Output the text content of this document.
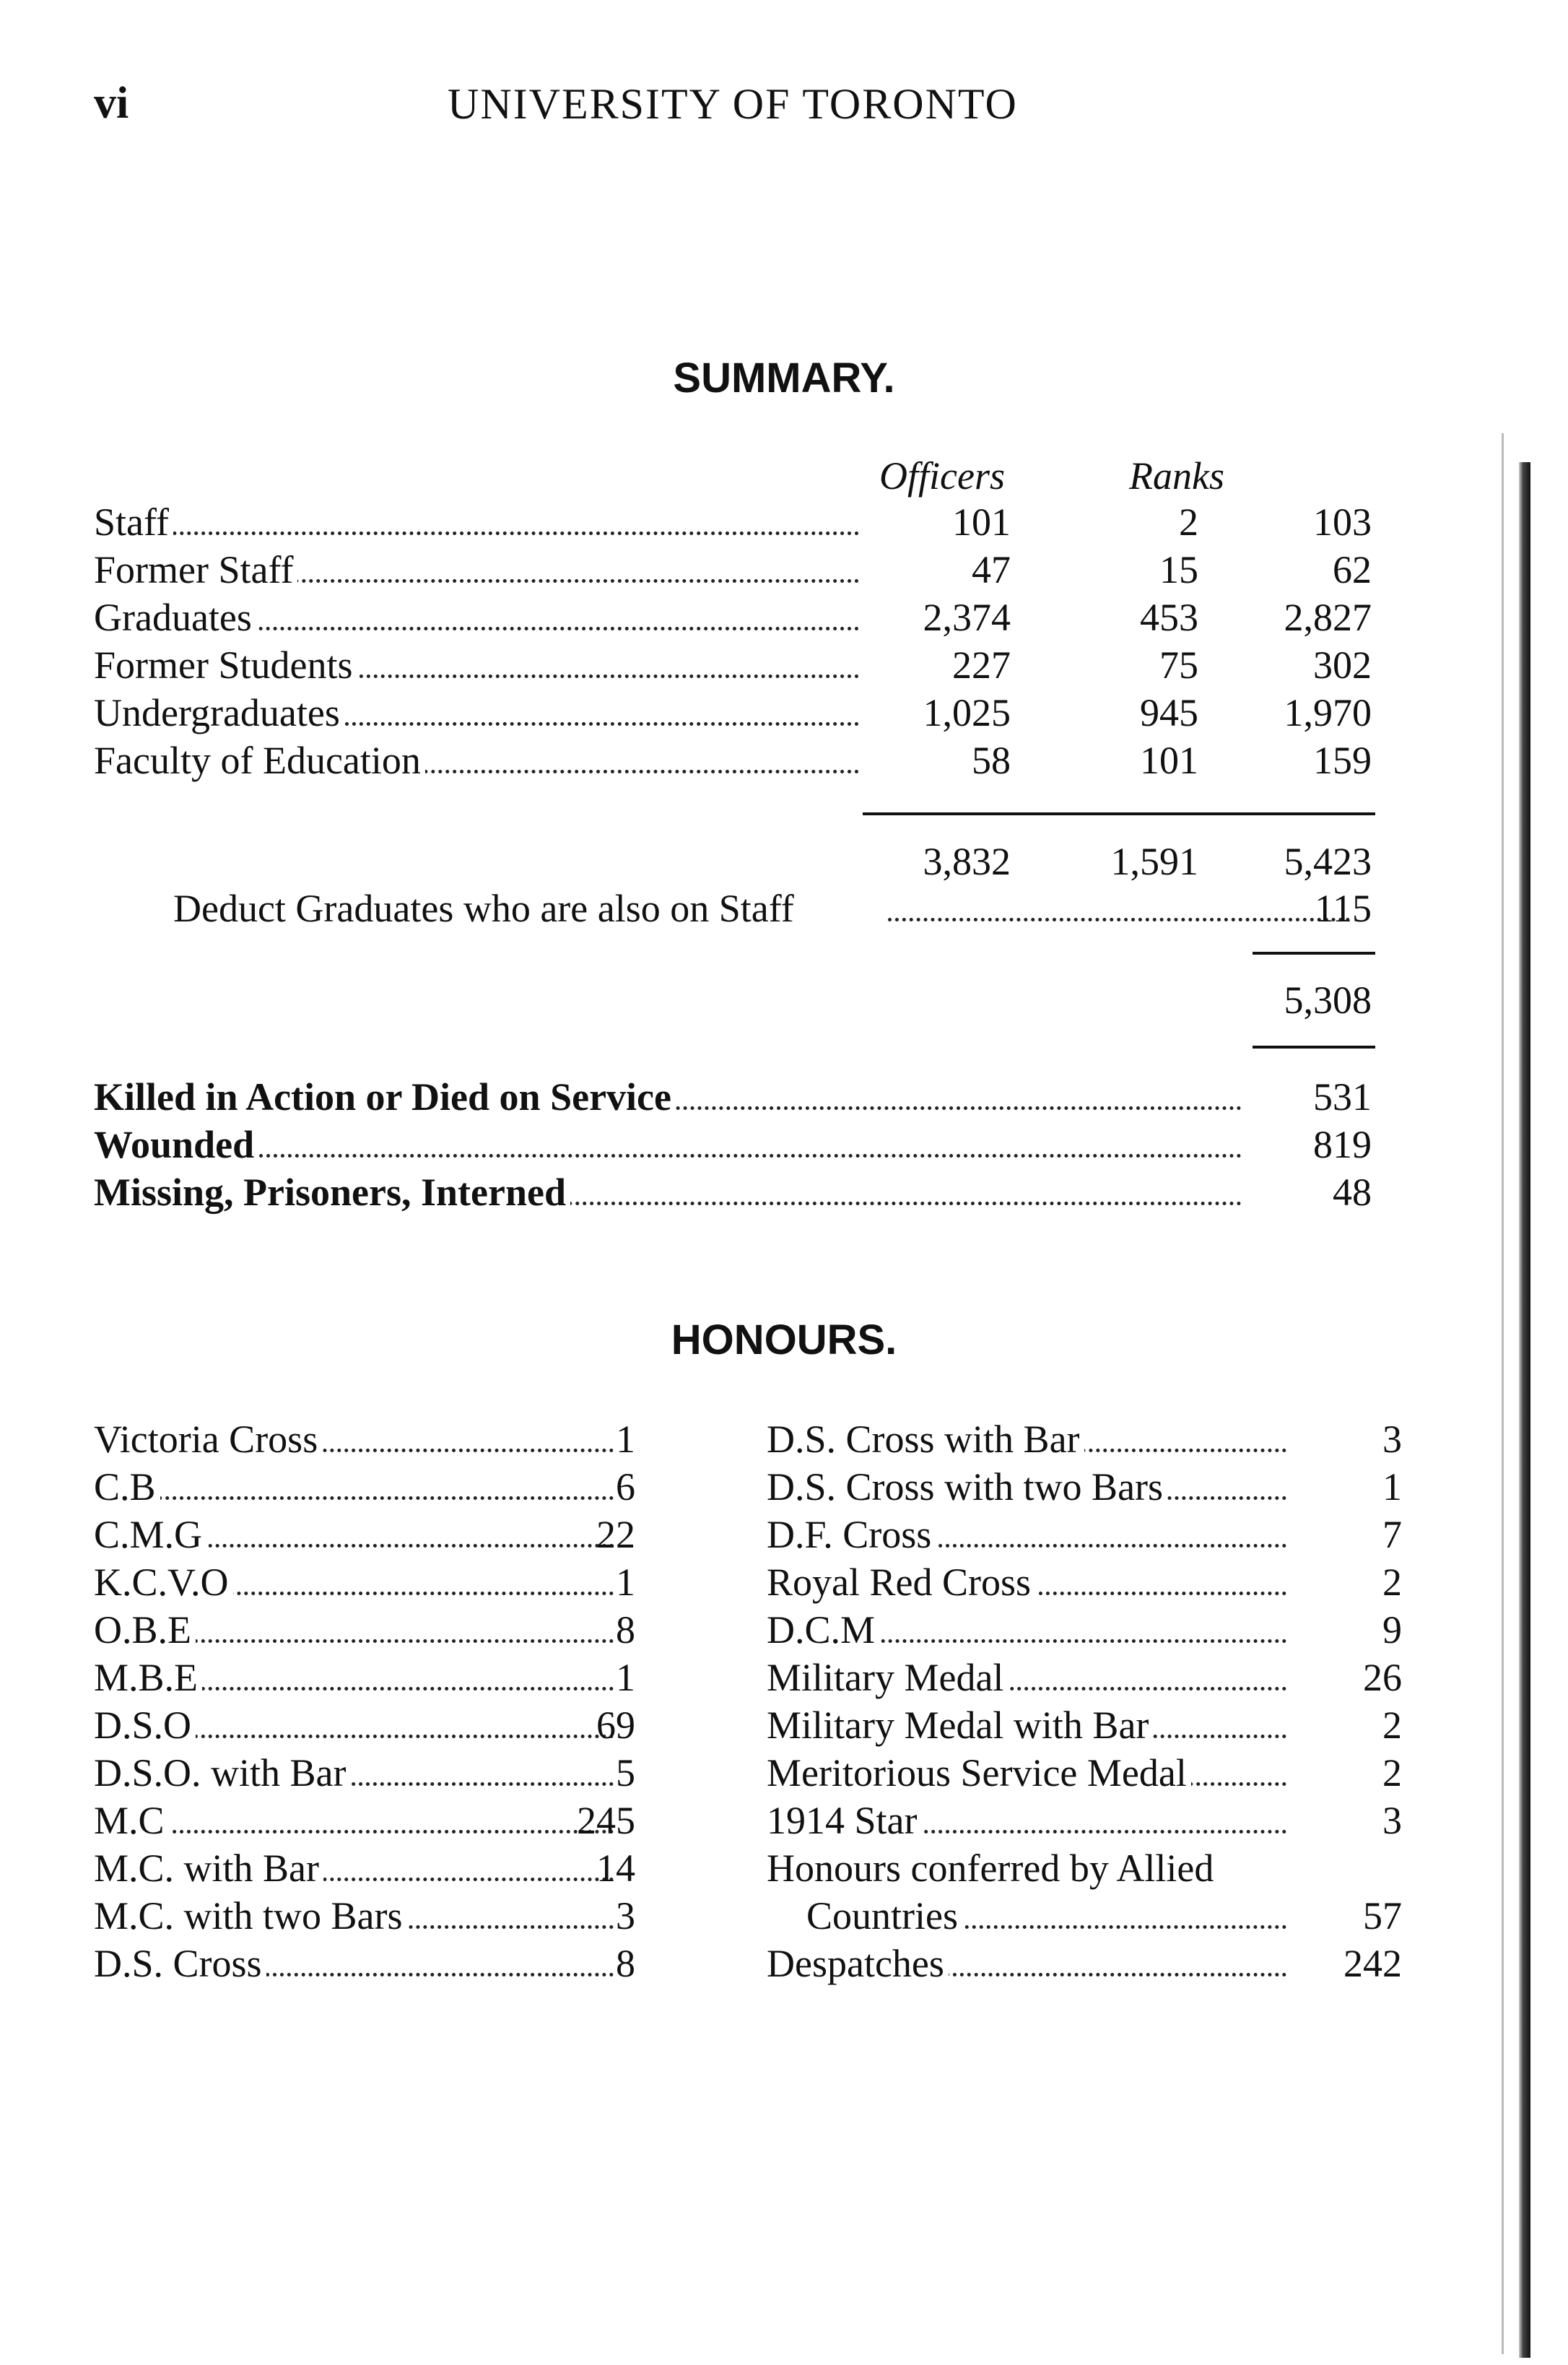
vi	UNIVERSITY OF TORONTO
SUMMARY.
Officers	Ranks
Staff	101	2	103
Former Staff	47	15	62
Graduates	2,374	453	2,827
Former Students	227	75	302
Undergraduates	1,025	945	1,970
Faculty of Education	58	101	159
3,832	1,591	5,423
Deduct Graduates who are also on Staff	115
5,308
Killed in Action or Died on Service	531
Wounded	819
Missing, Prisoners, Interned	48
HONOURS.
Victoria Cross	1
C.B	6
C.M.G	22
K.C.V.O	1
O.B.E	8
M.B.E	1
D.S.O	69
D.S.O. with Bar	5
M.C	245
M.C. with Bar	14
M.C. with two Bars	3
D.S. Cross	8
D.S. Cross with Bar	3
D.S. Cross with two Bars	1
D.F. Cross	7
Royal Red Cross	2
D.C.M	9
Military Medal	26
Military Medal with Bar	2
Meritorious Service Medal	2
1914 Star	3
Honours conferred by Allied
Countries	57
Despatches	242
